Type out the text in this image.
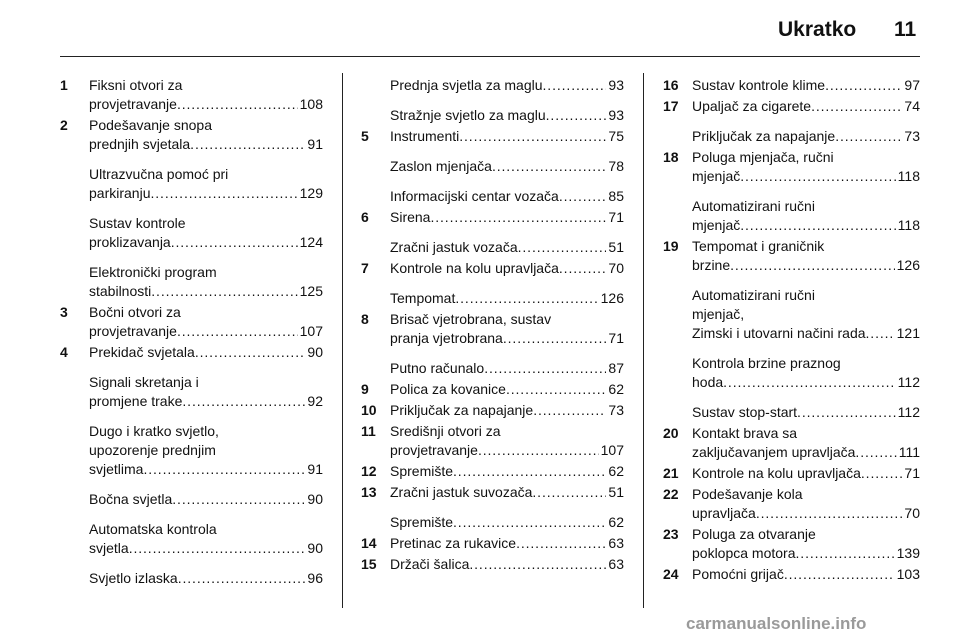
Ukratko 11
1	Fiksni otvori za
provjetravanje . . .	108
2	Podešavanje snopa
prednjih svjetala . . .	91
Ultrazvučna pomoć pri
parkiranju . . .	129
Sustav kontrole
proklizavanja . . .	124
Elektronički program
stabilnosti . . .	125
3	Bočni otvori za
provjetravanje . . .	107
4	Prekidač svjetala . . .	90
Signali skretanja i
promjene trake . . .	92
Dugo i kratko svjetlo,
upozorenje prednjim
svjetlima . . .	91
Bočna svjetla . . .	90
Automatska kontrola
svjetla . . .	90
Svjetlo izlaska . . .	96
Prednja svjetla za maglu . . .	93
Stražnje svjetlo za maglu . . .	93
5	Instrumenti . . .	75
Zaslon mjenjača . . .	78
Informacijski centar vozača . . .	85
6	Sirena . . .	71
Zračni jastuk vozača . . .	51
7	Kontrole na kolu upravljača . . .	70
Tempomat . . .	126
8	Brisač vjetrobrana, sustav
pranja vjetrobrana . . .	71
Putno računalo . . .	87
9	Polica za kovanice . . .	62
10 Priključak za napajanje . . .	73
11	Središnji otvori za
provjetravanje . . .	107
12 Spremište . . .	62
13 Zračni jastuk suvozača . . .	51
Spremište . . .	62
14 Pretinac za rukavice . . .	63
15 Držači šalica . . .	63
16 Sustav kontrole klime . . .	97
17 Upaljač za cigarete . . .	74
Priključak za napajanje . . .	73
18 Poluga mjenjača, ručni
mjenjač . . .	118
Automatizirani ručni
mjenjač . . .	118
19 Tempomat i graničnik
brzine . . .	126
Automatizirani ručni
mjenjač,
Zimski i utovarni načini rada . . . 121
Kontrola brzine praznog
hoda . . .	112
Sustav stop-start . . .	112
20 Kontakt brava sa
zaključavanjem upravljača . . .	111
21 Kontrole na kolu upravljača . . .	71
22 Podešavanje kola
upravljača . . .	70
23 Poluga za otvaranje
poklopca motora . . .	139
24 Pomoćni grijač . . .	103
carmanualsonline.info
